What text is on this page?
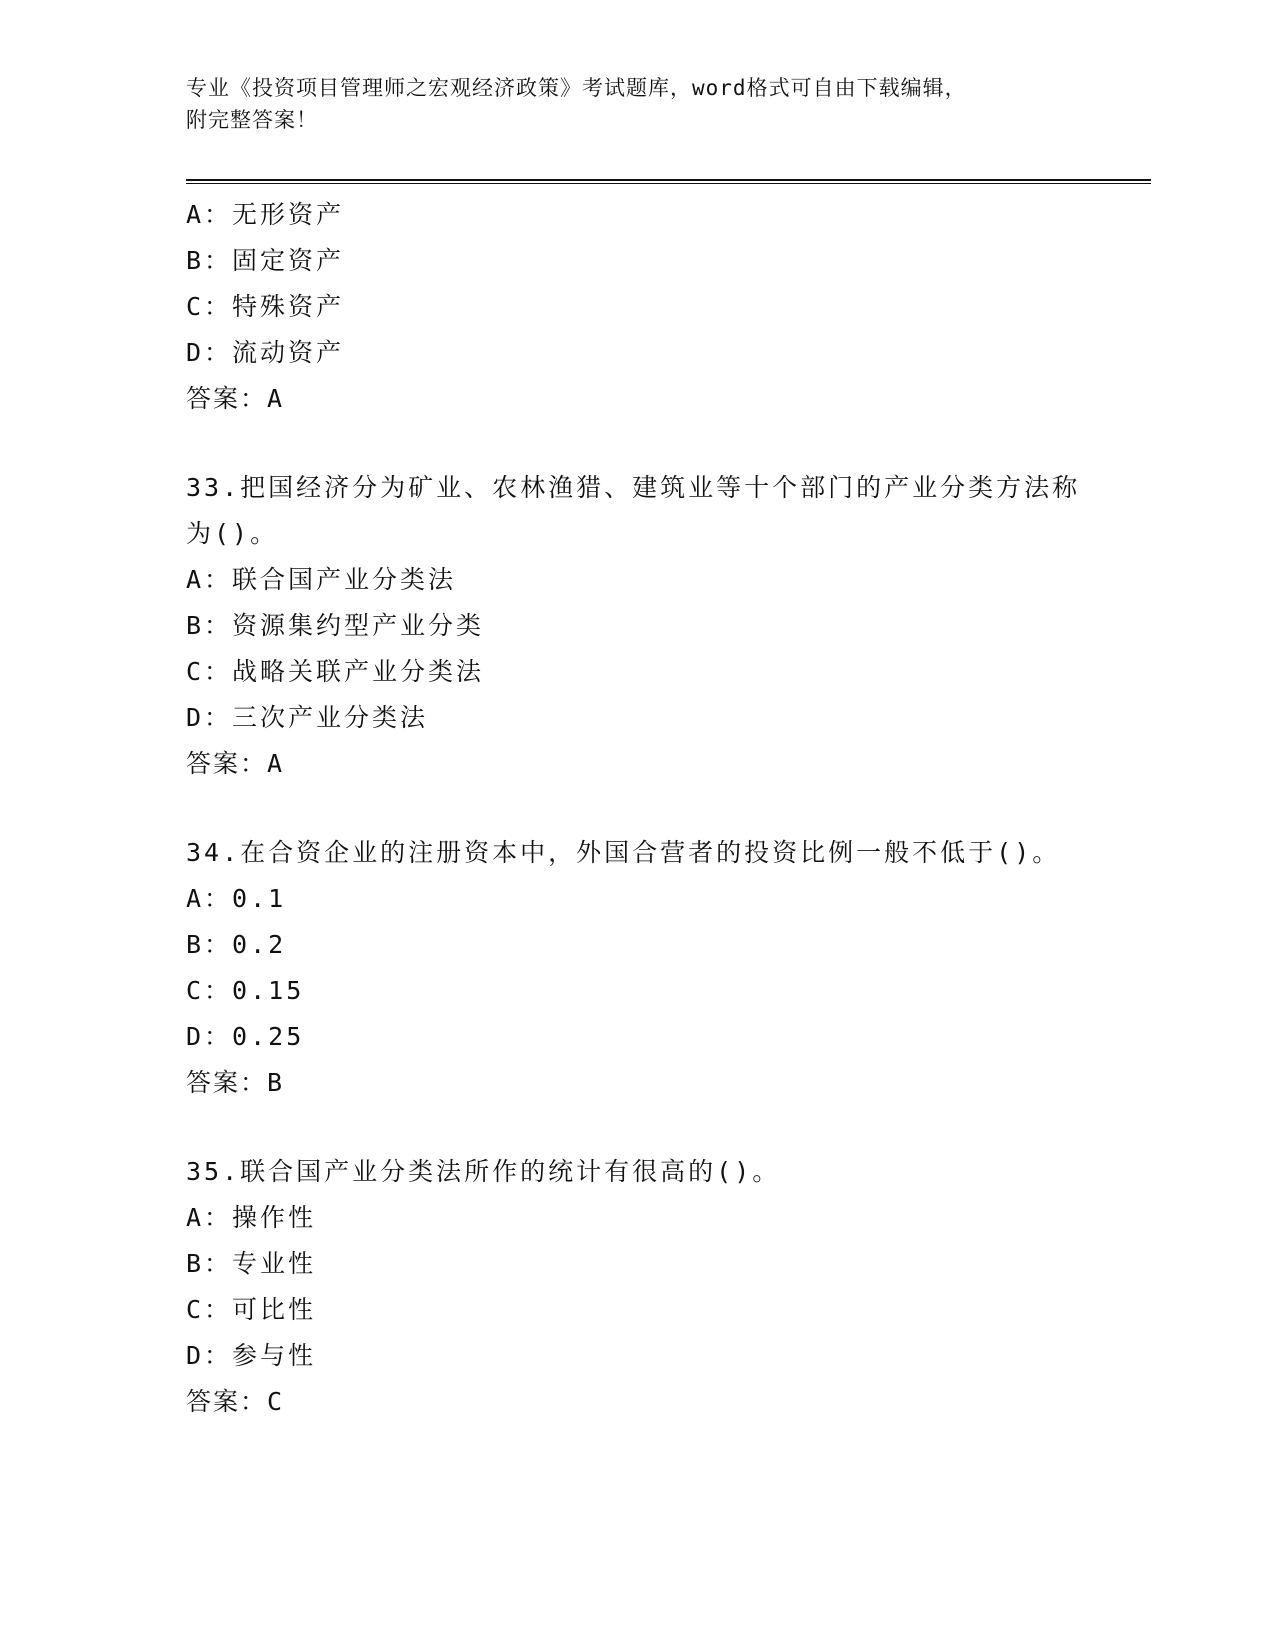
专业《投资项目管理师之宏观经济政策》考试题库，word格式可自由下载编辑，
附完整答案！
A：无形资产
B：固定资产
C：特殊资产
D：流动资产
答案：A
33.把国经济分为矿业、农林渔猎、建筑业等十个部门的产业分类方法称为()。
A：联合国产业分类法
B：资源集约型产业分类
C：战略关联产业分类法
D：三次产业分类法
答案：A
34.在合资企业的注册资本中，外国合营者的投资比例一般不低于()。
A：0.1
B：0.2
C：0.15
D：0.25
答案：B
35.联合国产业分类法所作的统计有很高的()。
A：操作性
B：专业性
C：可比性
D：参与性
答案：C
